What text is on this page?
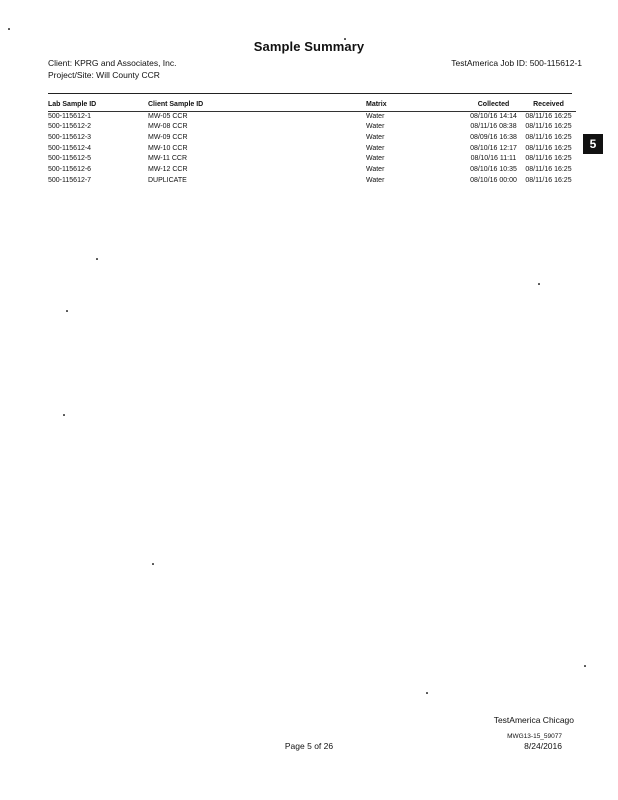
Sample Summary
Client: KPRG and Associates, Inc.
Project/Site: Will County CCR
TestAmerica Job ID: 500-115612-1
Lab Sample ID	Client Sample ID	Matrix	Collected	Received
500-115612-1	MW-05 CCR	Water	08/10/16 14:14	08/11/16 16:25
500-115612-2	MW-08 CCR	Water	08/11/16 08:38	08/11/16 16:25
500-115612-3	MW-09 CCR	Water	08/09/16 16:38	08/11/16 16:25
500-115612-4	MW-10 CCR	Water	08/10/16 12:17	08/11/16 16:25
500-115612-5	MW-11 CCR	Water	08/10/16 11:11	08/11/16 16:25
500-115612-6	MW-12 CCR	Water	08/10/16 10:35	08/11/16 16:25
500-115612-7	DUPLICATE	Water	08/10/16 00:00	08/11/16 16:25
5
TestAmerica Chicago
MWG13-15_59077
Page 5 of 26	8/24/2016
